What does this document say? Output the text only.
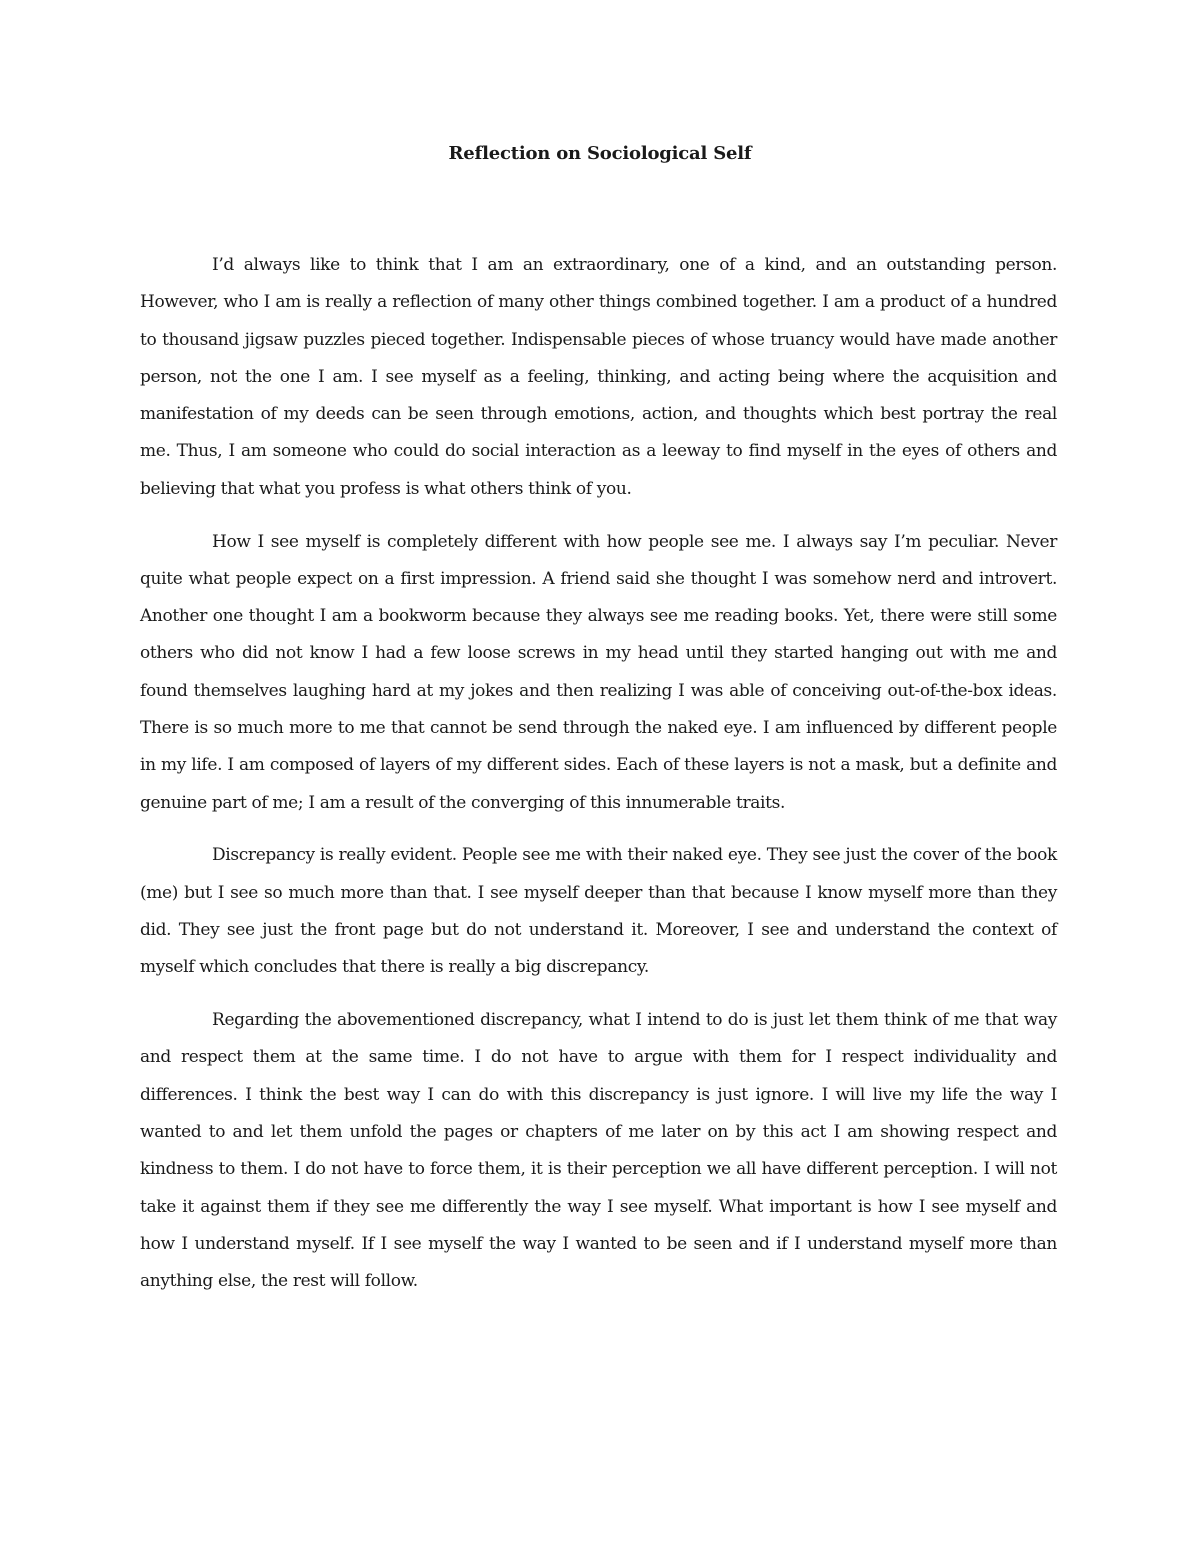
Reflection on Sociological Self

I’d always like to think that I am an extraordinary, one of a kind, and an outstanding person. However, who I am is really a reflection of many other things combined together. I am a product of a hundred to thousand jigsaw puzzles pieced together. Indispensable pieces of whose truancy would have made another person, not the one I am. I see myself as a feeling, thinking, and acting being where the acquisition and manifestation of my deeds can be seen through emotions, action, and thoughts which best portray the real me. Thus, I am someone who could do social interaction as a leeway to find myself in the eyes of others and believing that what you profess is what others think of you.

How I see myself is completely different with how people see me. I always say I’m peculiar. Never quite what people expect on a first impression. A friend said she thought I was somehow nerd and introvert. Another one thought I am a bookworm because they always see me reading books. Yet, there were still some others who did not know I had a few loose screws in my head until they started hanging out with me and found themselves laughing hard at my jokes and then realizing I was able of conceiving out-of-the-box ideas. There is so much more to me that cannot be send through the naked eye. I am influenced by different people in my life. I am composed of layers of my different sides. Each of these layers is not a mask, but a definite and genuine part of me; I am a result of the converging of this innumerable traits.

Discrepancy is really evident. People see me with their naked eye. They see just the cover of the book (me) but I see so much more than that. I see myself deeper than that because I know myself more than they did. They see just the front page but do not understand it. Moreover, I see and understand the context of myself which concludes that there is really a big discrepancy.

Regarding the abovementioned discrepancy, what I intend to do is just let them think of me that way and respect them at the same time. I do not have to argue with them for I respect individuality and differences. I think the best way I can do with this discrepancy is just ignore. I will live my life the way I wanted to and let them unfold the pages or chapters of me later on by this act I am showing respect and kindness to them. I do not have to force them, it is their perception we all have different perception. I will not take it against them if they see me differently the way I see myself. What important is how I see myself and how I understand myself. If I see myself the way I wanted to be seen and if I understand myself more than anything else, the rest will follow.
